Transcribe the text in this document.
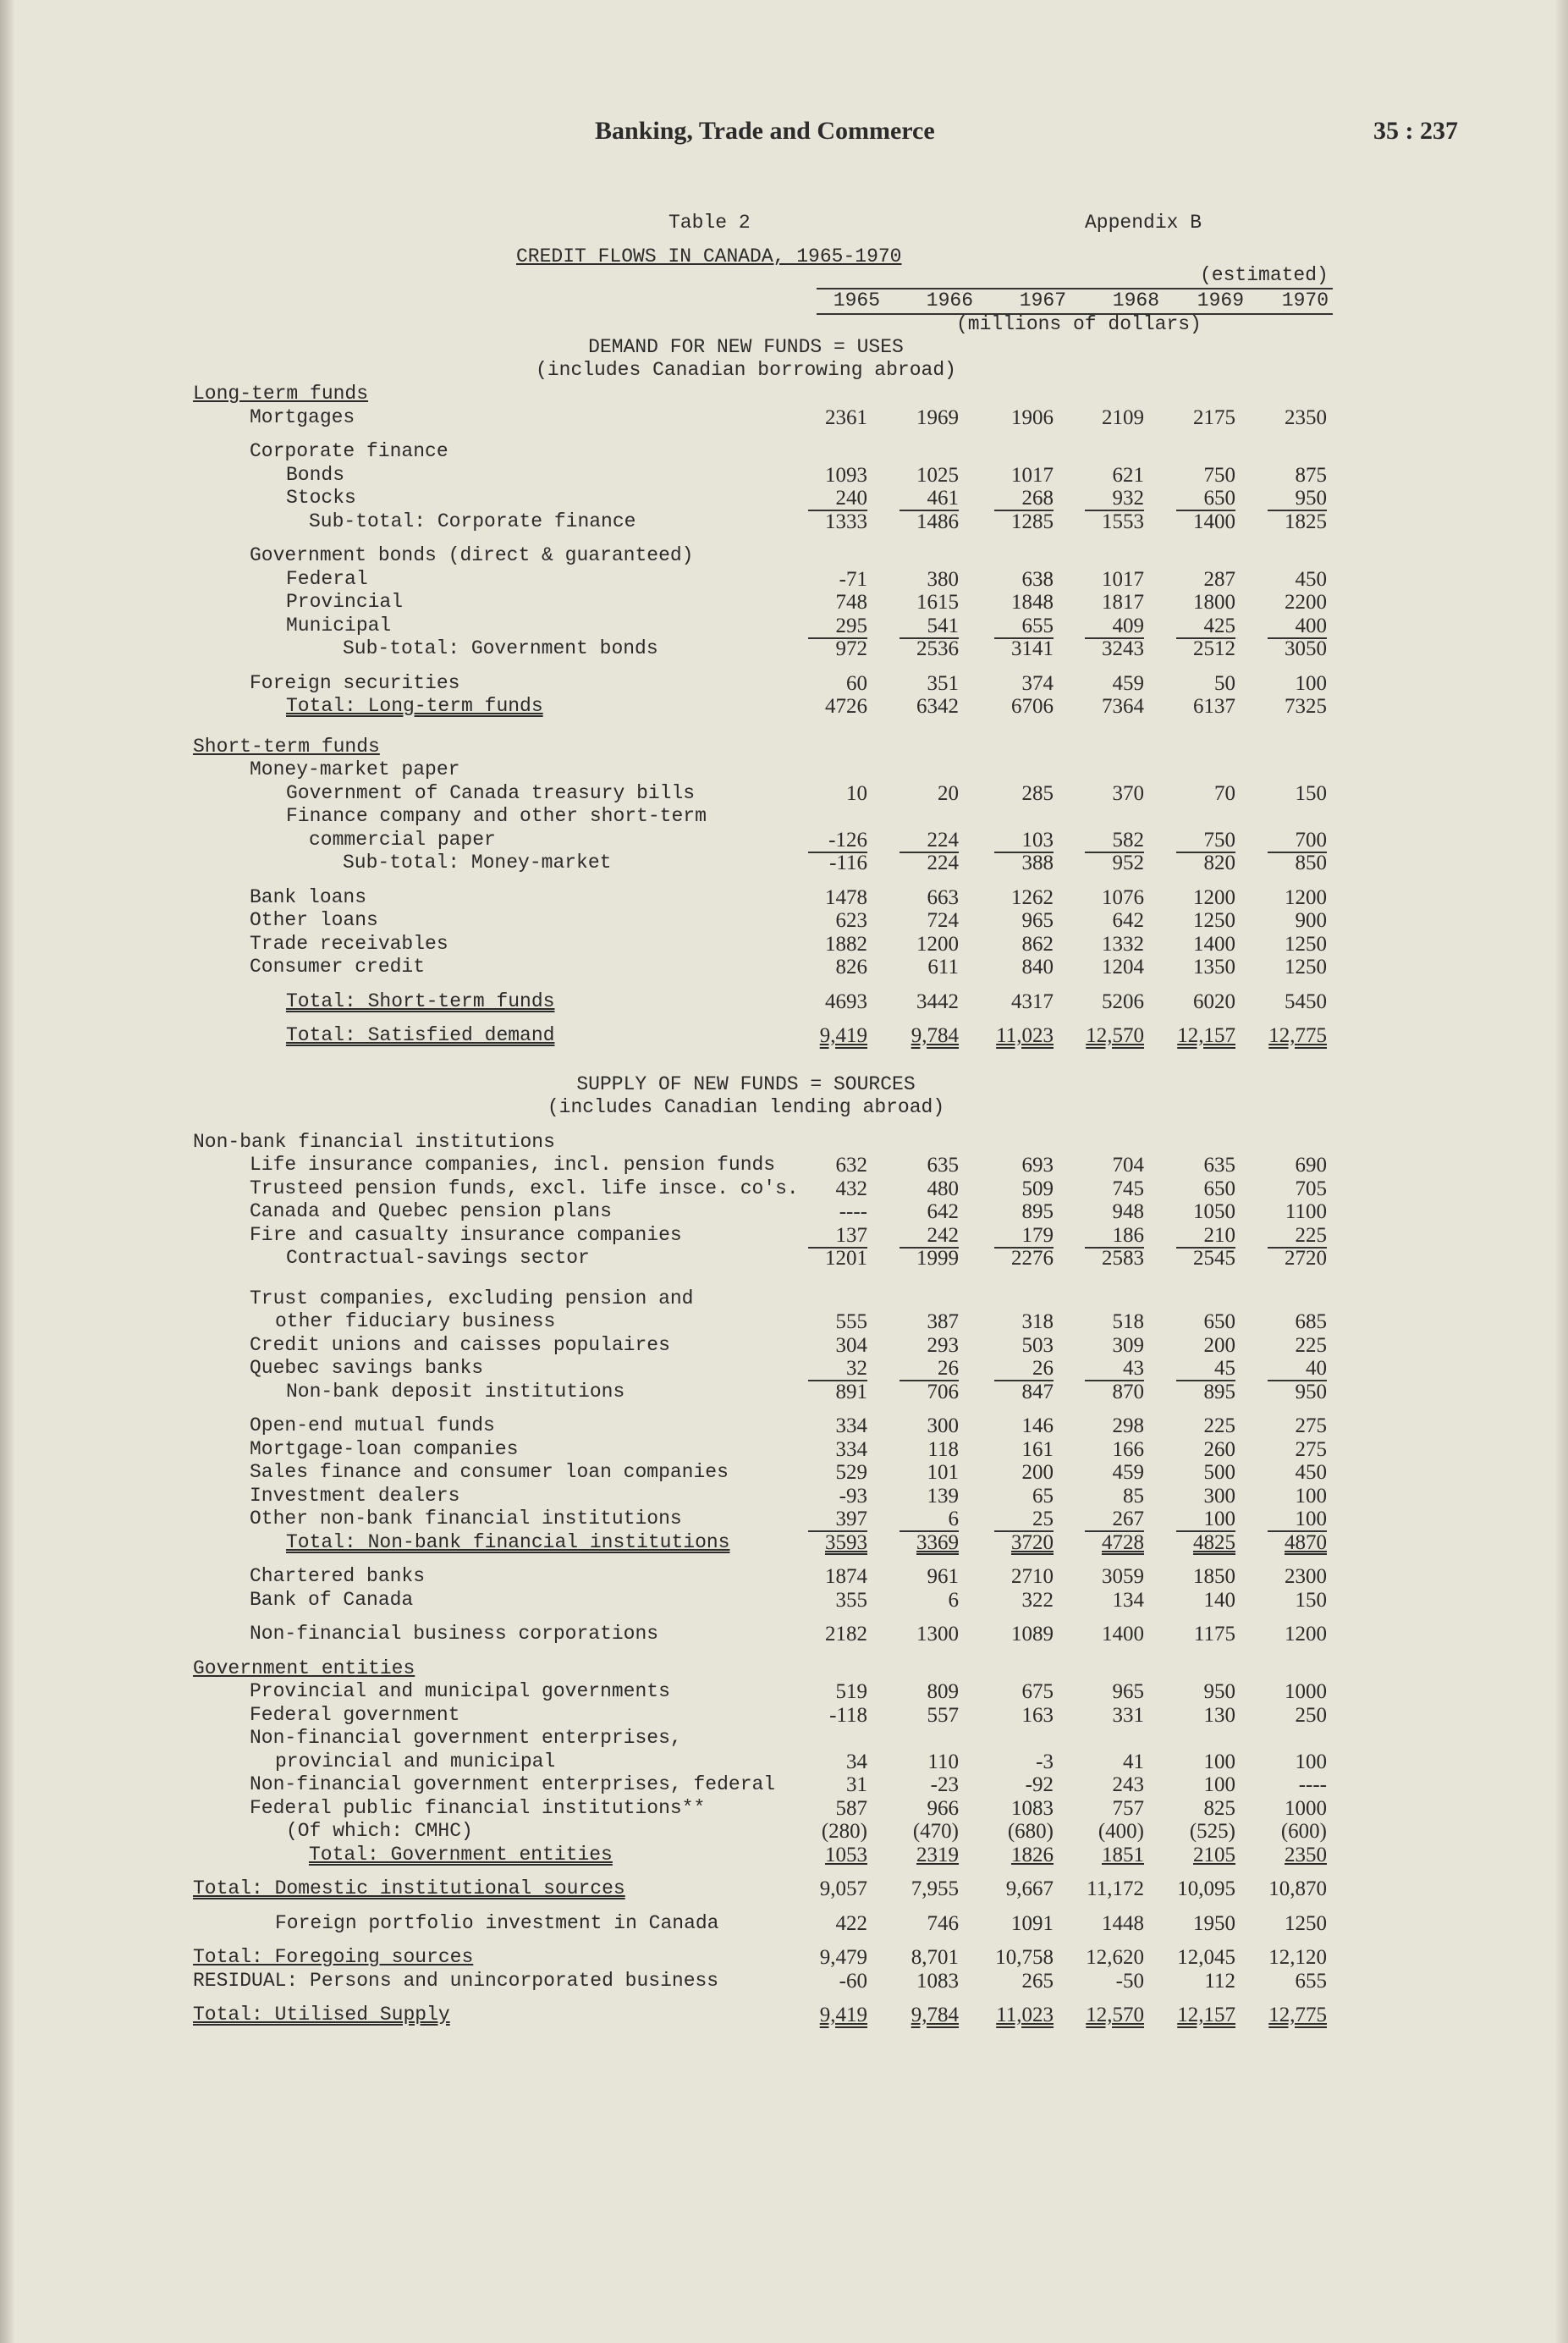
Banking, Trade and Commerce	35 : 237
Table 2	Appendix B
CREDIT FLOWS IN CANADA, 1965-1970
(estimated)
1965	1966	1967	1968	1969	1970
(millions of dollars)
DEMAND FOR NEW FUNDS = USES
(includes Canadian borrowing abroad)
Long-term funds
Mortgages	2361	1969	1906	2109	2175	2350
Corporate finance
Bonds	1093	1025	1017	621	750	875
Stocks	240	461	268	932	650	950
Sub-total: Corporate finance	1333	1486	1285	1553	1400	1825
Government bonds (direct & guaranteed)
Federal	-71	380	638	1017	287	450
Provincial	748	1615	1848	1817	1800	2200
Municipal	295	541	655	409	425	400
Sub-total: Government bonds	972	2536	3141	3243	2512	3050
Foreign securities	60	351	374	459	50	100
Total: Long-term funds	4726	6342	6706	7364	6137	7325
Short-term funds
Money-market paper
Government of Canada treasury bills	10	20	285	370	70	150
Finance company and other short-term
commercial paper	-126	224	103	582	750	700
Sub-total: Money-market	-116	224	388	952	820	850
Bank loans	1478	663	1262	1076	1200	1200
Other loans	623	724	965	642	1250	900
Trade receivables	1882	1200	862	1332	1400	1250
Consumer credit	826	611	840	1204	1350	1250
Total: Short-term funds	4693	3442	4317	5206	6020	5450
Total: Satisfied demand	9,419	9,784	11,023	12,570	12,157	12,775
SUPPLY OF NEW FUNDS = SOURCES
(includes Canadian lending abroad)
Non-bank financial institutions
Life insurance companies, incl. pension funds	632	635	693	704	635	690
Trusteed pension funds, excl. life insce. co's.	432	480	509	745	650	705
Canada and Quebec pension plans	----	642	895	948	1050	1100
Fire and casualty insurance companies	137	242	179	186	210	225
Contractual-savings sector	1201	1999	2276	2583	2545	2720
Trust companies, excluding pension and
other fiduciary business	555	387	318	518	650	685
Credit unions and caisses populaires	304	293	503	309	200	225
Quebec savings banks	32	26	26	43	45	40
Non-bank deposit institutions	891	706	847	870	895	950
Open-end mutual funds	334	300	146	298	225	275
Mortgage-loan companies	334	118	161	166	260	275
Sales finance and consumer loan companies	529	101	200	459	500	450
Investment dealers	-93	139	65	85	300	100
Other non-bank financial institutions	397	6	25	267	100	100
Total: Non-bank financial institutions	3593	3369	3720	4728	4825	4870
Chartered banks	1874	961	2710	3059	1850	2300
Bank of Canada	355	6	322	134	140	150
Non-financial business corporations	2182	1300	1089	1400	1175	1200
Government entities
Provincial and municipal governments	519	809	675	965	950	1000
Federal government	-118	557	163	331	130	250
Non-financial government enterprises,
provincial and municipal	34	110	-3	41	100	100
Non-financial government enterprises, federal	31	-23	-92	243	100	----
Federal public financial institutions**	587	966	1083	757	825	1000
(Of which: CMHC)	(280)	(470)	(680)	(400)	(525)	(600)
Total: Government entities	1053	2319	1826	1851	2105	2350
Total: Domestic institutional sources	9,057	7,955	9,667	11,172	10,095	10,870
Foreign portfolio investment in Canada	422	746	1091	1448	1950	1250
Total: Foregoing sources	9,479	8,701	10,758	12,620	12,045	12,120
RESIDUAL: Persons and unincorporated business	-60	1083	265	-50	112	655
Total: Utilised Supply	9,419	9,784	11,023	12,570	12,157	12,775
